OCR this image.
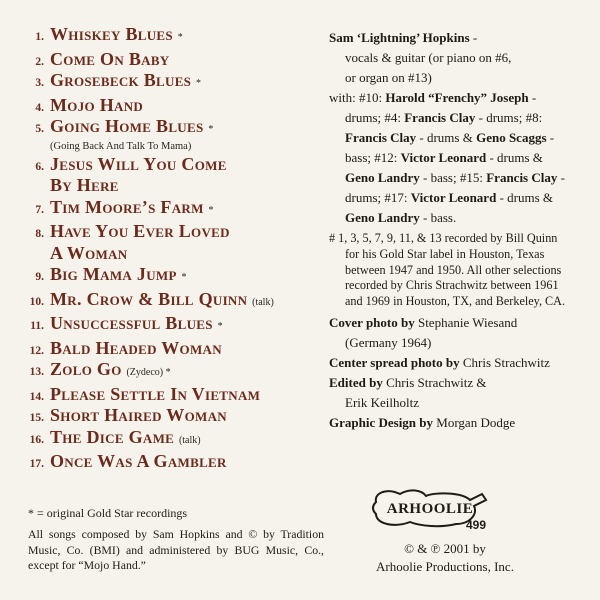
1. Whiskey Blues *
2. Come On Baby
3. Grosebeck Blues *
4. Mojo Hand
5. Going Home Blues *
(Going Back And Talk To Mama)
6. Jesus Will You Come
By Here
7. Tim Moore’s Farm *
8. Have You Ever Loved
A Woman
9. Big Mama Jump *
10. Mr. Crow & Bill Quinn (talk)
11. Unsuccessful Blues *
12. Bald Headed Woman
13. Zolo Go (Zydeco) *
14. Please Settle In Vietnam
15. Short Haired Woman
16. The Dice Game (talk)
17. Once Was A Gambler
* = original Gold Star recordings
All songs composed by Sam Hopkins and © by Tradition Music, Co. (BMI) and administered by BUG Music, Co., except for “Mojo Hand.”
Sam ‘Lightning’ Hopkins -
vocals & guitar (or piano on #6,
or organ on #13)
with: #10: Harold “Frenchy” Joseph - drums; #4: Francis Clay - drums; #8: Francis Clay - drums & Geno Scaggs - bass; #12: Victor Leonard - drums & Geno Landry - bass; #15: Francis Clay - drums; #17: Victor Leonard - drums & Geno Landry - bass.
# 1, 3, 5, 7, 9, 11, & 13 recorded by Bill Quinn for his Gold Star label in Houston, Texas between 1947 and 1950. All other selections recorded by Chris Strachwitz between 1961 and 1969 in Houston, TX, and Berkeley, CA.
Cover photo by Stephanie Wiesand
(Germany 1964)
Center spread photo by Chris Strachwitz
Edited by Chris Strachwitz &
Erik Keilholtz
Graphic Design by Morgan Dodge
ARHOOLIE
499
© & ℗ 2001 by
Arhoolie Productions, Inc.
